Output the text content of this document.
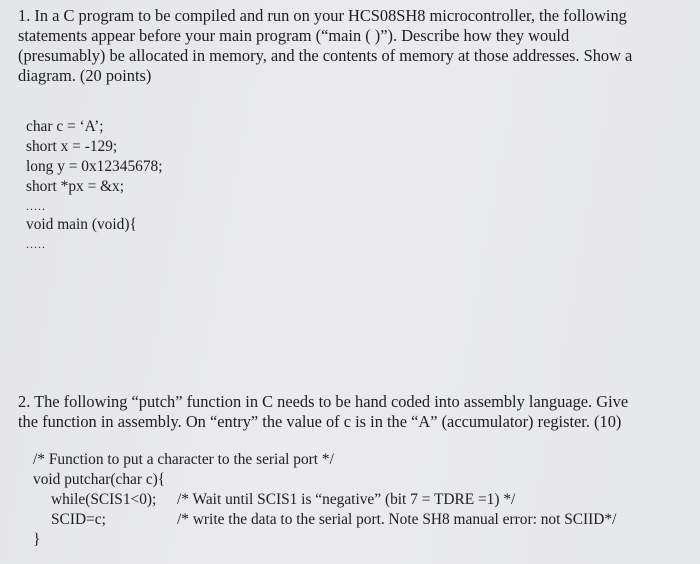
1. In a C program to be compiled and run on your HCS08SH8 microcontroller, the following
statements appear before your main program (“main ( )”). Describe how they would
(presumably) be allocated in memory, and the contents of memory at those addresses. Show a
diagram. (20 points)
char c = ‘A’;
short x = -129;
long y = 0x12345678;
short *px = &x;
.....
void main (void){
.....
2. The following “putch” function in C needs to be hand coded into assembly language. Give
the function in assembly. On “entry” the value of c is in the “A” (accumulator) register. (10)
/* Function to put a character to the serial port */
void putchar(char c){
while(SCIS1<0); /* Wait until SCIS1 is “negative” (bit 7 = TDRE =1) */
SCID=c;	/* write the data to the serial port. Note SH8 manual error: not SCIID*/
}
